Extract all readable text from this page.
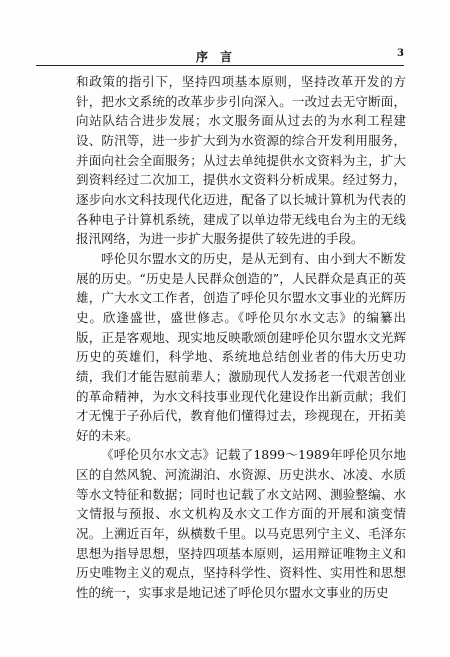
序言	3

和政策的指引下，坚持四项基本原则，坚持改革开发的方针，把水文系统的改革步步引向深入。一改过去无守断面，向站队结合进步发展；水文服务面从过去的为水利工程建设、防汛等，进一步扩大到为水资源的综合开发利用服务，并面向社会全面服务；从过去单纯提供水文资料为主，扩大到资料经过二次加工，提供水文资料分析成果。经过努力，逐步向水文科技现代化迈进，配备了以长城计算机为代表的各种电子计算机系统，建成了以单边带无线电台为主的无线报汛网络，为进一步扩大服务提供了较先进的手段。

呼伦贝尔盟水文的历史，是从无到有、由小到大不断发展的历史。“历史是人民群众创造的”，人民群众是真正的英雄，广大水文工作者，创造了呼伦贝尔盟水文事业的光辉历史。欣逢盛世，盛世修志。《呼伦贝尔水文志》的编纂出版，正是客观地、现实地反映歌颂创建呼伦贝尔盟水文光辉历史的英雄们，科学地、系统地总结创业者的伟大历史功绩，我们才能告慰前辈人；激励现代人发扬老一代艰苦创业的革命精神，为水文科技事业现代化建设作出新贡献；我们才无愧于子孙后代，教育他们懂得过去，珍视现在，开拓美好的未来。

《呼伦贝尔水文志》记载了1899～1989年呼伦贝尔地区的自然风貌、河流湖泊、水资源、历史洪水、冰凌、水质等水文特征和数据；同时也记载了水文站网、测验整编、水文情报与预报、水文机构及水文工作方面的开展和演变情况。上溯近百年，纵横数千里。以马克思列宁主义、毛泽东思想为指导思想，坚持四项基本原则，运用辩证唯物主义和历史唯物主义的观点，坚持科学性、资料性、实用性和思想性的统一，实事求是地记述了呼伦贝尔盟水文事业的历史
